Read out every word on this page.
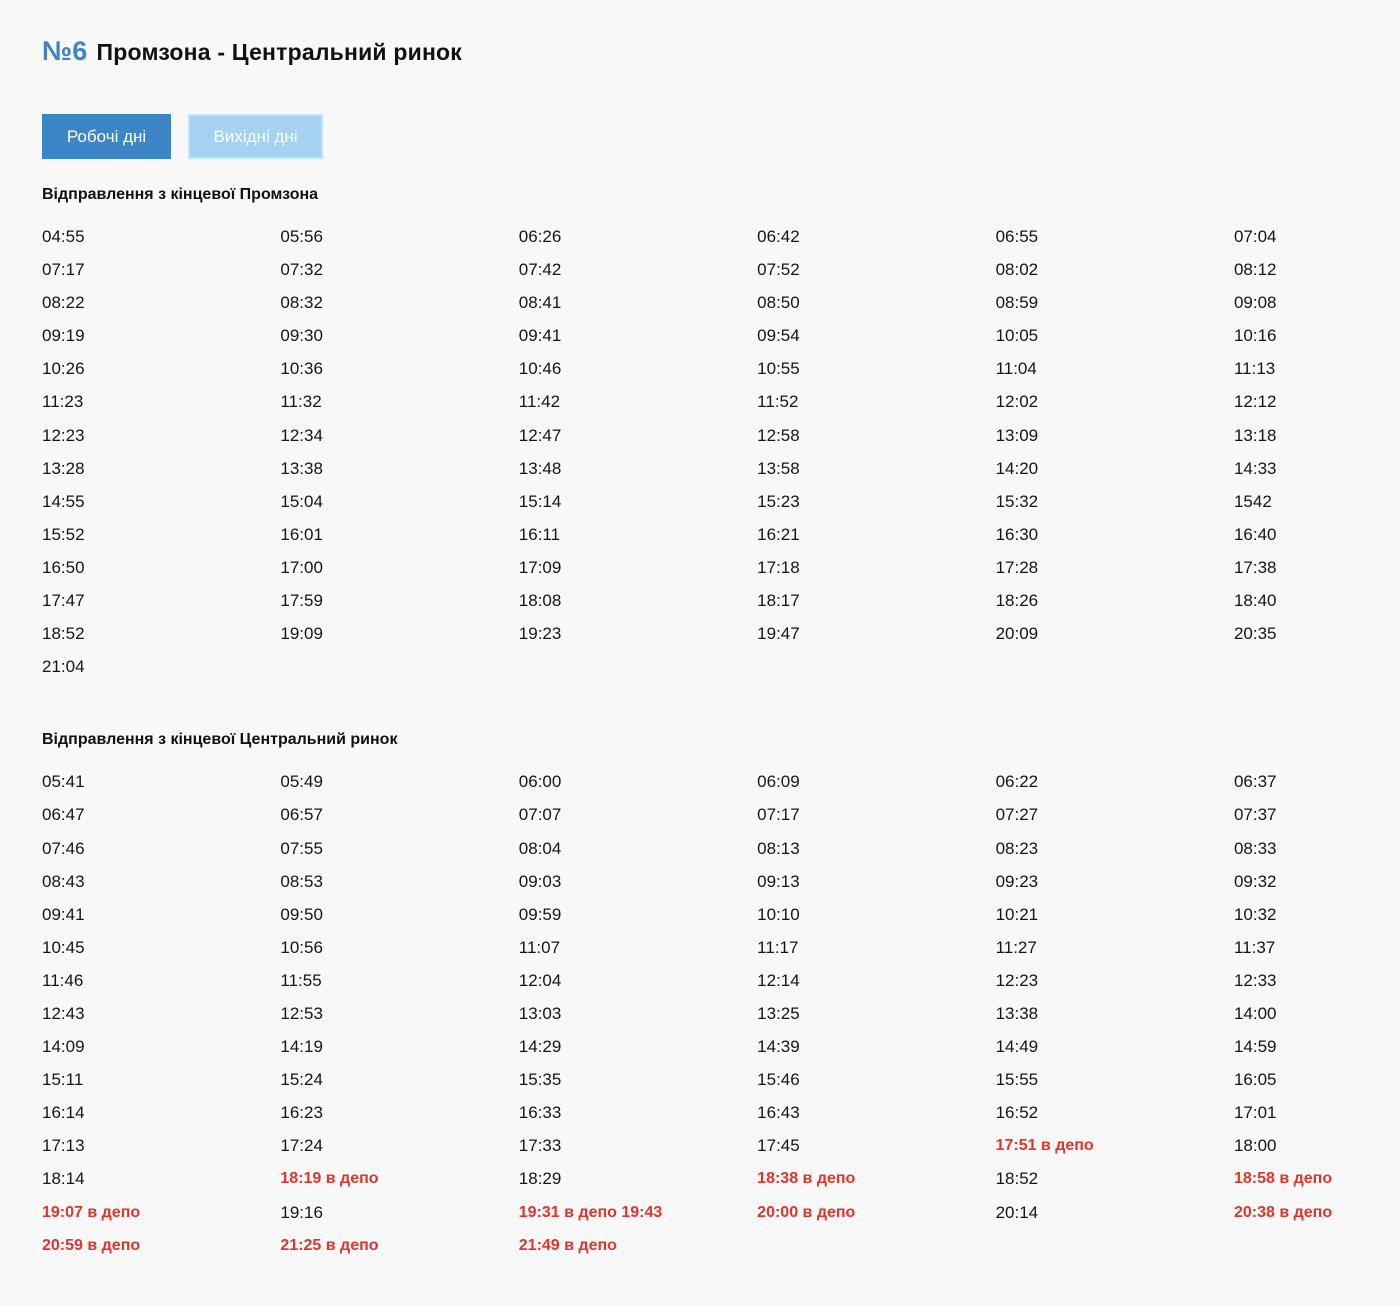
№6 Промзона - Центральний ринок
Робочі дні	Вихідні дні
Відправлення з кінцевої Промзона
04:55	05:56	06:26	06:42	06:55	07:04
07:17	07:32	07:42	07:52	08:02	08:12
08:22	08:32	08:41	08:50	08:59	09:08
09:19	09:30	09:41	09:54	10:05	10:16
10:26	10:36	10:46	10:55	11:04	11:13
11:23	11:32	11:42	11:52	12:02	12:12
12:23	12:34	12:47	12:58	13:09	13:18
13:28	13:38	13:48	13:58	14:20	14:33
14:55	15:04	15:14	15:23	15:32	1542
15:52	16:01	16:11	16:21	16:30	16:40
16:50	17:00	17:09	17:18	17:28	17:38
17:47	17:59	18:08	18:17	18:26	18:40
18:52	19:09	19:23	19:47	20:09	20:35
21:04
Відправлення з кінцевої Центральний ринок
05:41	05:49	06:00	06:09	06:22	06:37
06:47	06:57	07:07	07:17	07:27	07:37
07:46	07:55	08:04	08:13	08:23	08:33
08:43	08:53	09:03	09:13	09:23	09:32
09:41	09:50	09:59	10:10	10:21	10:32
10:45	10:56	11:07	11:17	11:27	11:37
11:46	11:55	12:04	12:14	12:23	12:33
12:43	12:53	13:03	13:25	13:38	14:00
14:09	14:19	14:29	14:39	14:49	14:59
15:11	15:24	15:35	15:46	15:55	16:05
16:14	16:23	16:33	16:43	16:52	17:01
17:13	17:24	17:33	17:45	17:51 в депо	18:00
18:14	18:19 в депо	18:29	18:38 в депо	18:52	18:58 в депо
19:07 в депо	19:16	19:31 в депо 19:43	20:00 в депо	20:14	20:38 в депо
20:59 в депо	21:25 в депо	21:49 в депо
